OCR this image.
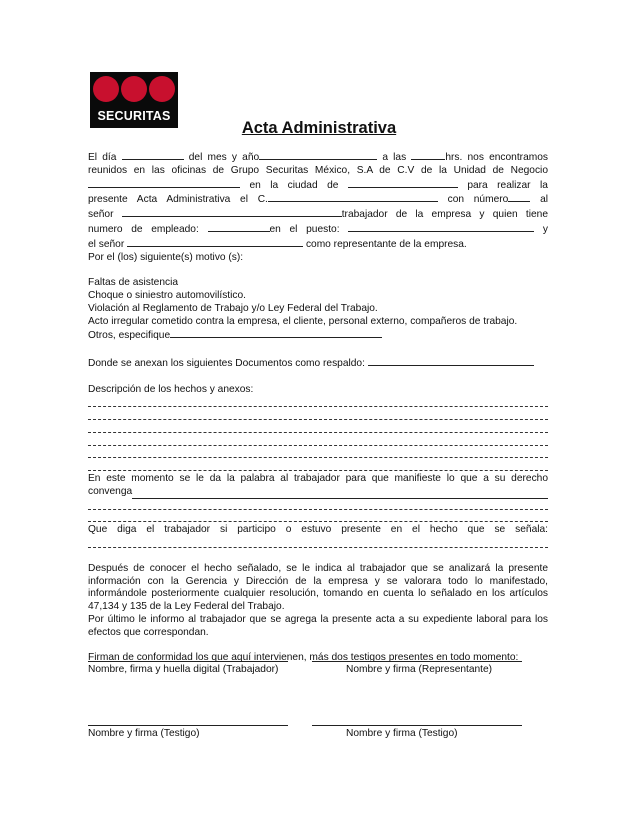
SECURITAS
Acta Administrativa

El día	del mes y año	a las	hrs. nos encontramos

reunidos en las oficinas de Grupo Securitas México, S.A de C.V de la Unidad de Negocio

en la ciudad de	para realizar la

presente Acta Administrativa el C.	con número	al

señor	trabajador de la empresa y quien tiene

numero de empleado:	en el puesto:	y

el señor	como representante de la empresa.

Por el (los) siguiente(s) motivo (s):

Faltas de asistencia

Choque o siniestro automovilístico.

Violación al Reglamento de Trabajo y/o Ley Federal del Trabajo.

Acto irregular cometido contra la empresa, el cliente, personal externo, compañeros de trabajo.

Otros, especifique

Donde se anexan los siguientes Documentos como respaldo:

Descripción de los hechos y anexos:

En este momento se le da la palabra al trabajador para que manifieste lo que a su derecho

convenga

Que diga el trabajador si participo o estuvo presente en el hecho que se señala:

Después de conocer el hecho señalado, se le indica al trabajador que se analizará la presente información con la Gerencia y Dirección de la empresa y se valorara todo lo manifestado, informándole posteriormente cualquier resolución, tomando en cuenta lo señalado en los artículos 47,134 y 135 de la Ley Federal del Trabajo.

Por último le informo al trabajador que se agrega la presente acta a su expediente laboral para los efectos que correspondan.

Firman de conformidad los que aquí intervienen, más dos testigos presentes en todo momento:

Nombre, firma y huella digital (Trabajador)	Nombre y firma (Representante)
Nombre y firma (Testigo)	Nombre y firma (Testigo)
